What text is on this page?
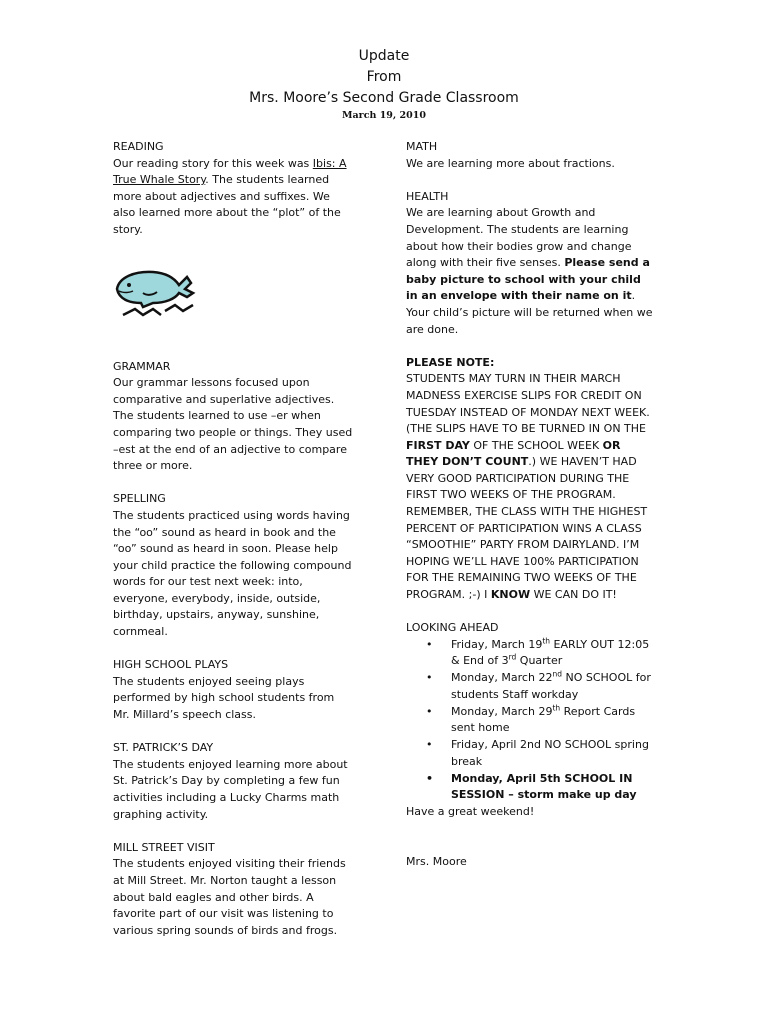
Update
From
Mrs. Moore’s Second Grade Classroom
March 19, 2010

READING

Our reading story for this week was Ibis: A True Whale Story. The students learned more about adjectives and suffixes. We also learned more about the “plot” of the story.

GRAMMAR

Our grammar lessons focused upon comparative and superlative adjectives. The students learned to use –er when comparing two people or things. They used –est at the end of an adjective to compare three or more.

SPELLING

The students practiced using words having the “oo” sound as heard in book and the “oo” sound as heard in soon. Please help your child practice the following compound words for our test next week: into, everyone, everybody, inside, outside, birthday, upstairs, anyway, sunshine, cornmeal.

HIGH SCHOOL PLAYS

The students enjoyed seeing plays performed by high school students from Mr. Millard’s speech class.

ST. PATRICK’S DAY

The students enjoyed learning more about St. Patrick’s Day by completing a few fun activities including a Lucky Charms math graphing activity.

MILL STREET VISIT

The students enjoyed visiting their friends at Mill Street. Mr. Norton taught a lesson about bald eagles and other birds. A favorite part of our visit was listening to various spring sounds of birds and frogs.

MATH

We are learning more about fractions.

HEALTH

We are learning about Growth and Development. The students are learning about how their bodies grow and change along with their five senses. Please send a baby picture to school with your child in an envelope with their name on it. Your child’s picture will be returned when we are done.

PLEASE NOTE:

STUDENTS MAY TURN IN THEIR MARCH MADNESS EXERCISE SLIPS FOR CREDIT ON TUESDAY INSTEAD OF MONDAY NEXT WEEK. (THE SLIPS HAVE TO BE TURNED IN ON THE FIRST DAY OF THE SCHOOL WEEK OR THEY DON’T COUNT.) WE HAVEN’T HAD VERY GOOD PARTICIPATION DURING THE FIRST TWO WEEKS OF THE PROGRAM. REMEMBER, THE CLASS WITH THE HIGHEST PERCENT OF PARTICIPATION WINS A CLASS “SMOOTHIE” PARTY FROM DAIRYLAND. I’M HOPING WE’LL HAVE 100% PARTICIPATION FOR THE REMAINING TWO WEEKS OF THE PROGRAM. ;-) I KNOW WE CAN DO IT!

LOOKING AHEAD

• Friday, March 19th EARLY OUT 12:05 & End of 3rd Quarter
• Monday, March 22nd NO SCHOOL for students Staff workday
• Monday, March 29th Report Cards sent home
• Friday, April 2nd NO SCHOOL spring break
• Monday, April 5th SCHOOL IN SESSION – storm make up day

Have a great weekend!

Mrs. Moore
